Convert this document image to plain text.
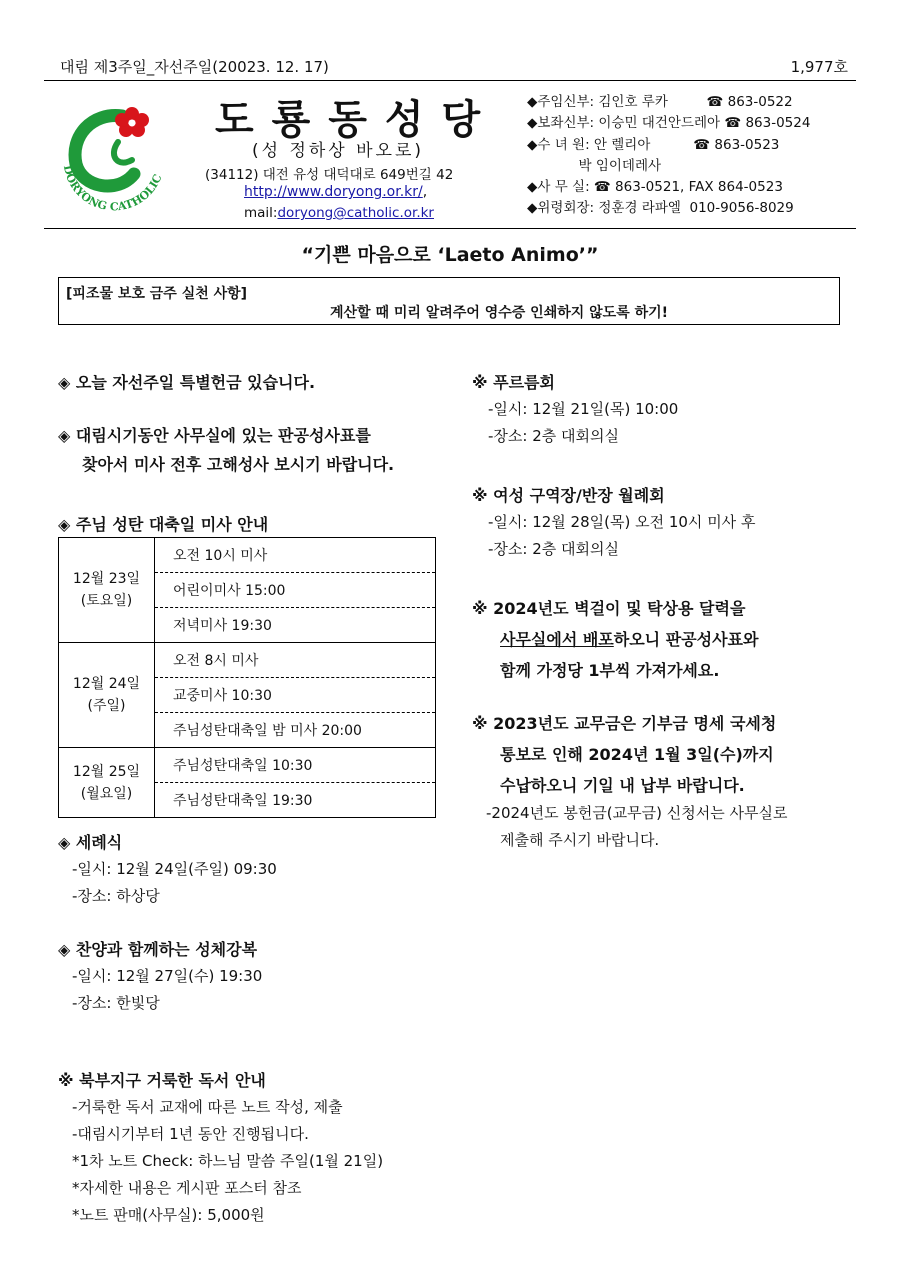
대림 제3주일_자선주일(20023. 12. 17)	1,977호
DORYONG CATHOLIC
도룡동성당
(성 정하상 바오로)
(34112) 대전 유성 대덕대로 649번길 42
http://www.doryong.or.kr/,
mail:doryong@catholic.or.kr
◆주임신부: 김인호 루카         ☎ 863-0522
◆보좌신부: 이승민 대건안드레아 ☎ 863-0524
◆수 녀 원: 안 렐리아          ☎ 863-0523
박 임이데레사
◆사 무 실: ☎ 863-0521, FAX 864-0523
◆위령회장: 정훈경 라파엘  010-9056-8029
“기쁜 마음으로 ‘Laeto Animo’”
[피조물 보호 금주 실천 사항]
계산할 때 미리 알려주어 영수증 인쇄하지 않도록 하기!
◈ 오늘 자선주일 특별헌금 있습니다.
◈ 대림시기동안 사무실에 있는 판공성사표를
찾아서 미사 전후 고해성사 보시기 바랍니다.
◈ 주님 성탄 대축일 미사 안내
12월 23일
(토요일)	오전 10시 미사
	어린이미사 15:00
	저녁미사 19:30

12월 24일
(주일)	오전 8시 미사
	교중미사 10:30
	주님성탄대축일 밤 미사 20:00

12월 25일
(월요일)	주님성탄대축일 10:30
	주님성탄대축일 19:30
◈ 세례식
-일시: 12월 24일(주일) 09:30
-장소: 하상당
◈ 찬양과 함께하는 성체강복
-일시: 12월 27일(수) 19:30
-장소: 한빛당
※ 북부지구 거룩한 독서 안내
-거룩한 독서 교재에 따른 노트 작성, 제출
-대림시기부터 1년 동안 진행됩니다.
*1차 노트 Check: 하느님 말씀 주일(1월 21일)
*자세한 내용은 게시판 포스터 참조
*노트 판매(사무실): 5,000원
※ 푸르름회
-일시: 12월 21일(목) 10:00
-장소: 2층 대회의실
※ 여성 구역장/반장 월례회
-일시: 12월 28일(목) 오전 10시 미사 후
-장소: 2층 대회의실
※ 2024년도 벽걸이 및 탁상용 달력을
사무실에서 배포하오니 판공성사표와
함께 가정당 1부씩 가져가세요.
※ 2023년도 교무금은 기부금 명세 국세청
통보로 인해 2024년 1월 3일(수)까지
수납하오니 기일 내 납부 바랍니다.
-2024년도 봉헌금(교무금) 신청서는 사무실로
제출해 주시기 바랍니다.
